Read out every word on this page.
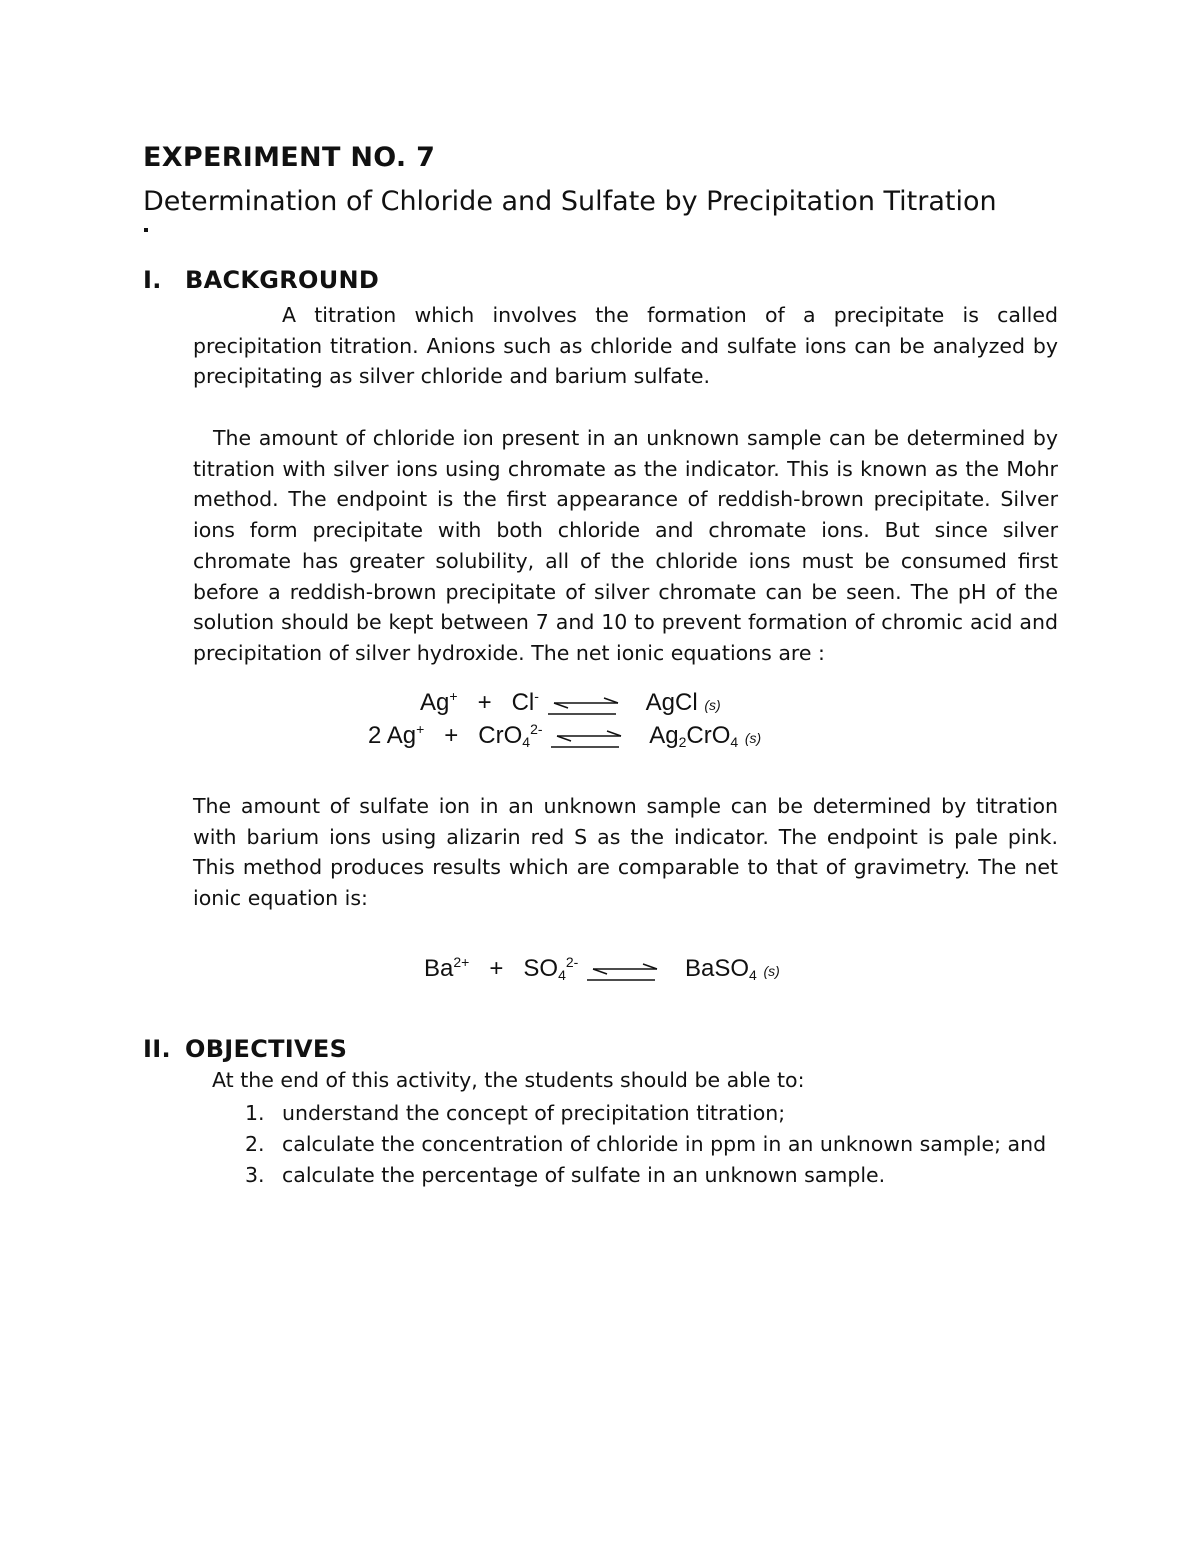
EXPERIMENT NO. 7
Determination of Chloride and Sulfate by Precipitation Titration
I. BACKGROUND
A titration which involves the formation of a precipitate is called precipitation titration. Anions such as chloride and sulfate ions can be analyzed by precipitating as silver chloride and barium sulfate.
The amount of chloride ion present in an unknown sample can be determined by titration with silver ions using chromate as the indicator. This is known as the Mohr method. The endpoint is the first appearance of reddish-brown precipitate. Silver ions form precipitate with both chloride and chromate ions. But since silver chromate has greater solubility, all of the chloride ions must be consumed first before a reddish-brown precipitate of silver chromate can be seen. The pH of the solution should be kept between 7 and 10 to prevent formation of chromic acid and precipitation of silver hydroxide. The net ionic equations are :
Ag+ + Cl- ⇌ AgCl (s)
2 Ag+ + CrO$_4^{2-}$ ⇌ $Ag_2CrO_4$ (s)
The amount of sulfate ion in an unknown sample can be determined by titration with barium ions using alizarin red S as the indicator. The endpoint is pale pink. This method produces results which are comparable to that of gravimetry. The net ionic equation is:
$Ba^{2+} + SO_4^{2-}$ ⇌ BaSO$_4$ (s)
II. OBJECTIVES
At the end of this activity, the students should be able to:
1. understand the concept of precipitation titration;
2. calculate the concentration of chloride in ppm in an unknown sample; and
3. calculate the percentage of sulfate in an unknown sample.
